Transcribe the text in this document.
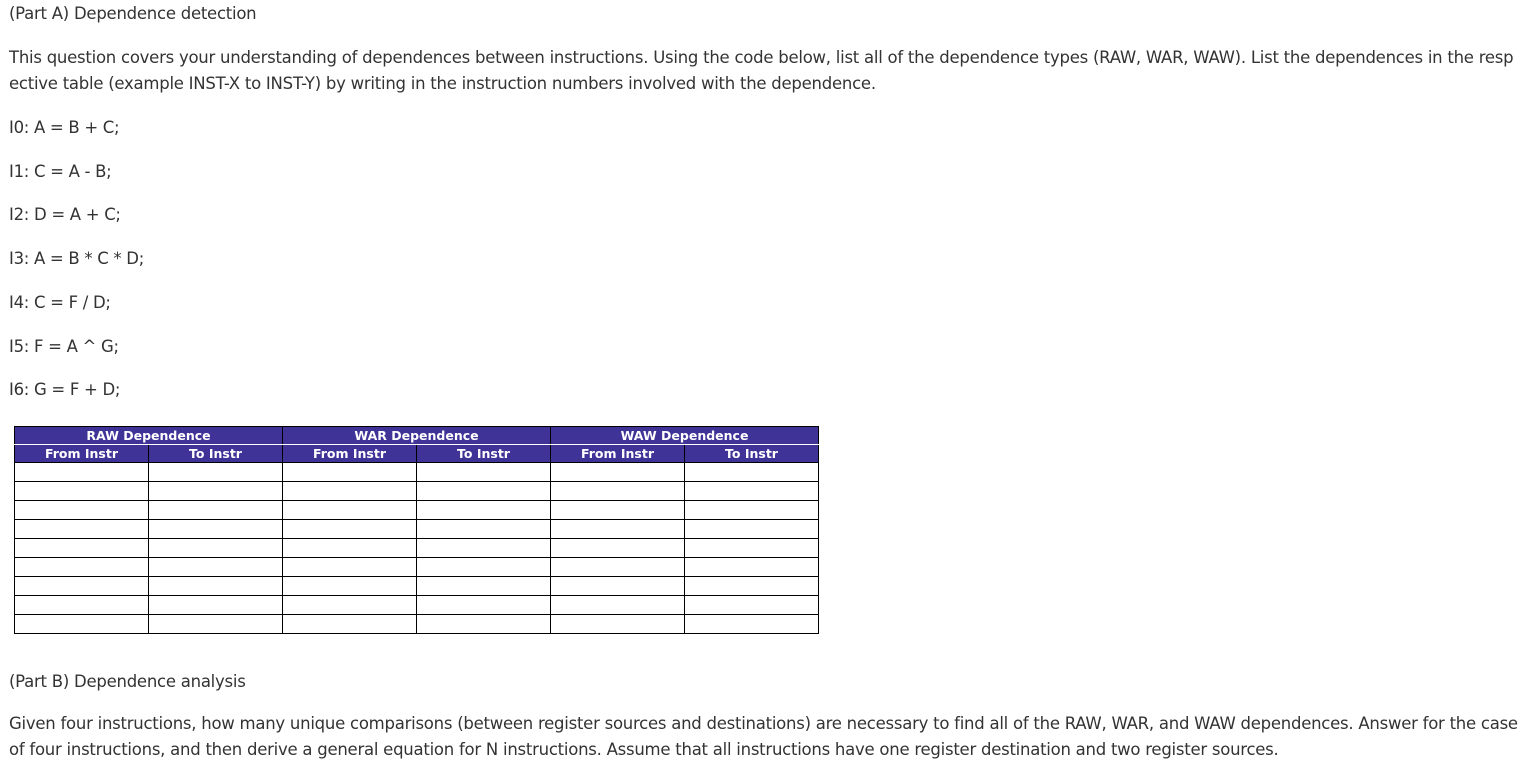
(Part A) Dependence detection
This question covers your understanding of dependences between instructions. Using the code below, list all of the dependence types (RAW, WAR, WAW). List the dependences in the respective table (example INST-X to INST-Y) by writing in the instruction numbers involved with the dependence.
I0: A = B + C;
I1: C = A - B;
I2: D = A + C;
I3: A = B * C * D;
I4: C = F / D;
I5: F = A ^ G;
I6: G = F + D;
RAW Dependence		WAR Dependence		WAW Dependence	
From Instr	To Instr	From Instr	To Instr	From Instr	To Instr

(Part B) Dependence analysis
Given four instructions, how many unique comparisons (between register sources and destinations) are necessary to find all of the RAW, WAR, and WAW dependences. Answer for the case of four instructions, and then derive a general equation for N instructions. Assume that all instructions have one register destination and two register sources.
